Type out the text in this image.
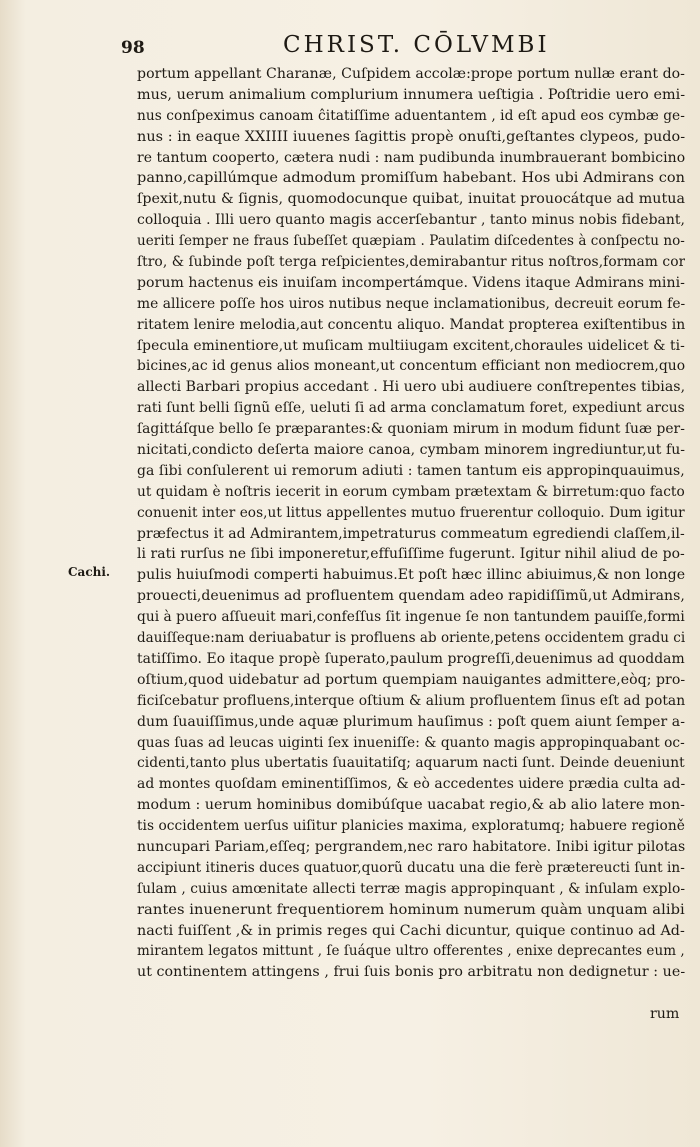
98	CHRIST. CŌLVMBI
Cachi.
portum appellant Charanæ, Cuſpidem accolæ:prope portum nullæ erant do-
mus, uerum animalium complurium innumera ueſtigia . Poſtridie uero emi-
nus conſpeximus canoam ĉitatiſſime aduentantem , id eſt apud eos cymbæ ge-
nus : in eaque XXIIII iuuenes ſagittis propè onuſti,geſtantes clypeos, pudo-
re tantum cooperto, cætera nudi : nam pudibunda inumbrauerant bombicino
panno,capillúmque admodum promiſſum habebant. Hos ubi Admirans con
ſpexit,nutu & ſignis, quomodocunque quibat, inuitat prouocátque ad mutua
colloquia . Illi uero quanto magis accerſebantur , tanto minus nobis fidebant,
ueriti ſemper ne fraus ſubeſſet quæpiam . Paulatim diſcedentes à conſpectu no-
ſtro, & ſubinde poſt terga reſpicientes,demirabantur ritus noſtros,formam cor
porum hactenus eis inuiſam incompertámque. Videns itaque Admirans mini-
me allicere poſſe hos uiros nutibus neque inclamationibus, decreuit eorum fe-
ritatem lenire melodia,aut concentu aliquo. Mandat propterea exiſtentibus in
ſpecula eminentiore,ut muſicam multiiugam excitent,choraules uidelicet & ti-
bicines,ac id genus alios moneant,ut concentum efficiant non mediocrem,quo
allecti Barbari propius accedant . Hi uero ubi audiuere conſtrepentes tibias,
rati ſunt belli ſignũ eſſe, ueluti ſi ad arma conclamatum foret, expediunt arcus
ſagittáſque bello ſe præparantes:& quoniam mirum in modum fidunt ſuæ per-
nicitati,condicto deſerta maiore canoa, cymbam minorem ingrediuntur,ut fu-
ga ſibi conſulerent ui remorum adiuti : tamen tantum eis appropinquauimus,
ut quidam è noſtris iecerit in eorum cymbam prætextam & birretum:quo facto
conuenit inter eos,ut littus appellentes mutuo fruerentur colloquio. Dum igitur
præfectus it ad Admirantem,impetraturus commeatum egrediendi claſſem,il-
li rati rurſus ne ſibi imponeretur,effuſiſſime fugerunt. Igitur nihil aliud de po-
pulis huiuſmodi comperti habuimus.Et poſt hæc illinc abiuimus,& non longe
prouecti,deuenimus ad profluentem quendam adeo rapidiſſimũ,ut Admirans,
qui à puero aſſueuit mari,confeſſus ſit ingenue ſe non tantundem pauiſſe,formi
dauiſſeque:nam deriuabatur is profluens ab oriente,petens occidentem gradu ci
tatiſſimo. Eo itaque propè ſuperato,paulum progreſſi,deuenimus ad quoddam
oſtium,quod uidebatur ad portum quempiam nauigantes admittere,eòq; pro-
ficiſcebatur profluens,interque oſtium & alium profluentem ſinus eſt ad potan
dum ſuauiſſimus,unde aquæ plurimum hauſimus : poſt quem aiunt ſemper a-
quas ſuas ad leucas uiginti ſex inueniſſe: & quanto magis appropinquabant oc-
cidenti,tanto plus ubertatis ſuauitatiſq; aquarum nacti ſunt. Deinde deueniunt
ad montes quoſdam eminentiſſimos, & eò accedentes uidere prædia culta ad-
modum : uerum hominibus domibúſque uacabat regio,& ab alio latere mon-
tis occidentem uerſus uiſitur planicies maxima, exploratumq; habuere regioně
nuncupari Pariam,eſſeq; pergrandem,nec raro habitatore. Inibi igitur pilotas
accipiunt itineris duces quatuor,quorũ ducatu una die ferè prætereucti ſunt in-
ſulam , cuius amœnitate allecti terræ magis appropinquant , & inſulam explo-
rantes inuenerunt frequentiorem hominum numerum quàm unquam alibi
nacti fuiſſent ,& in primis reges qui Cachi dicuntur, quique continuo ad Ad-
mirantem legatos mittunt , ſe ſuáque ultro offerentes , enixe deprecantes eum ,
ut continentem attingens , frui ſuis bonis pro arbitratu non dedignetur : ue-
rum
